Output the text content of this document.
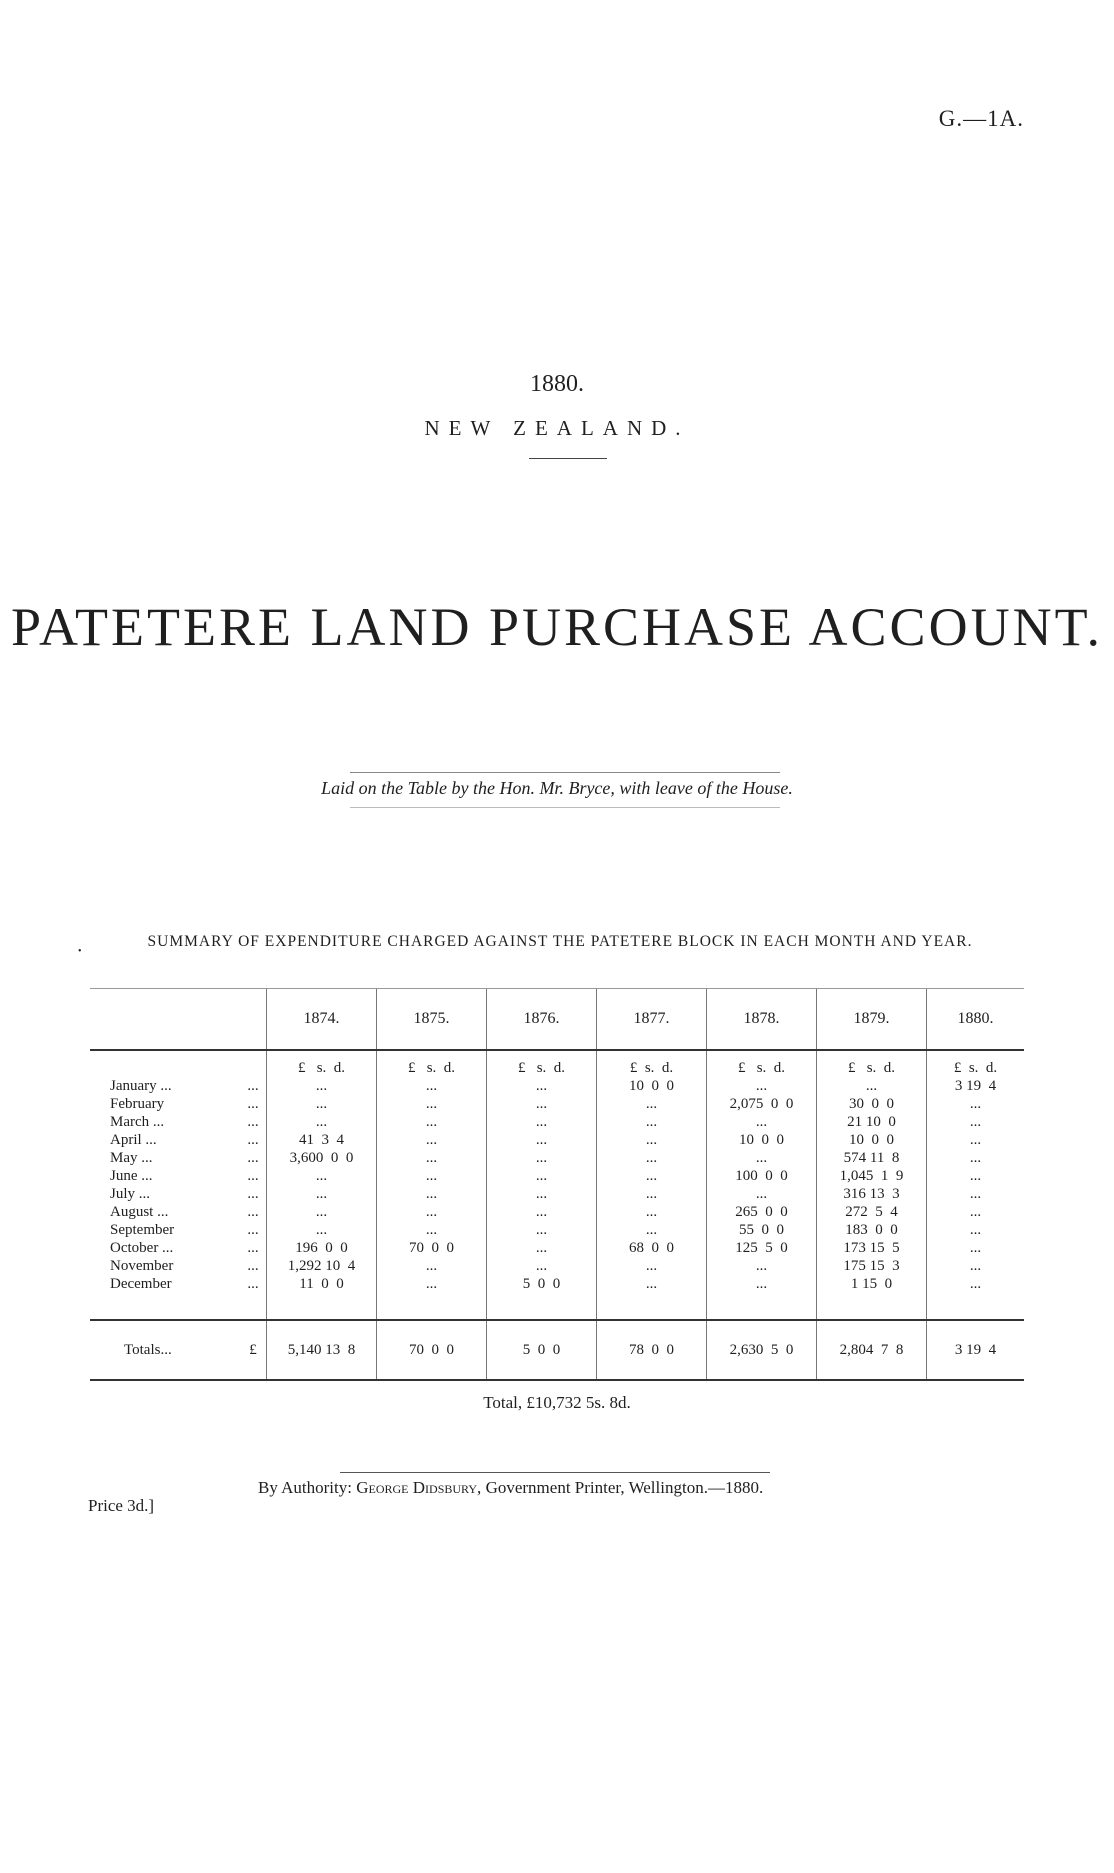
G.—1A.
1880.
NEW ZEALAND.
PATETERE LAND PURCHASE ACCOUNT.
Laid on the Table by the Hon. Mr. Bryce, with leave of the House.
SUMMARY OF EXPENDITURE CHARGED AGAINST THE PATETERE BLOCK IN EACH MONTH AND YEAR.
•
		1874.	1875.	1876.	1877.	1878.	1879.	1880.
		£   s.  d.	£   s.  d.	£   s.  d.	£  s.  d.	£   s.  d.	£   s.  d.	£  s.  d.
January ...	...	...	...	...	10  0  0	...	...	3 19  4
February	...	...	...	...	...	2,075  0  0	30  0  0	...
March ...	...	...	...	...	...	...	21 10  0	...
April ...	...	41  3  4	...	...	...	10  0  0	10  0  0	...
May ...	...	3,600  0  0	...	...	...	...	574 11  8	...
June ...	...	...	...	...	...	100  0  0	1,045  1  9	...
July ...	...	...	...	...	...	...	316 13  3	...
August ...	...	...	...	...	...	265  0  0	272  5  4	...
September	...	...	...	...	...	55  0  0	183  0  0	...
October ...	...	196  0  0	70  0  0	...	68  0  0	125  5  0	173 15  5	...
November	...	1,292 10  4	...	...	...	...	175 15  3	...
December	...	11  0  0	...	5  0  0	...	...	1 15  0	...

Totals...	£	5,140 13  8	70  0  0	5  0  0	78  0  0	2,630  5  0	2,804  7  8	3 19  4
Total, £10,732 5s. 8d.
By Authority: George Didsbury, Government Printer, Wellington.—1880.
Price 3d.]
